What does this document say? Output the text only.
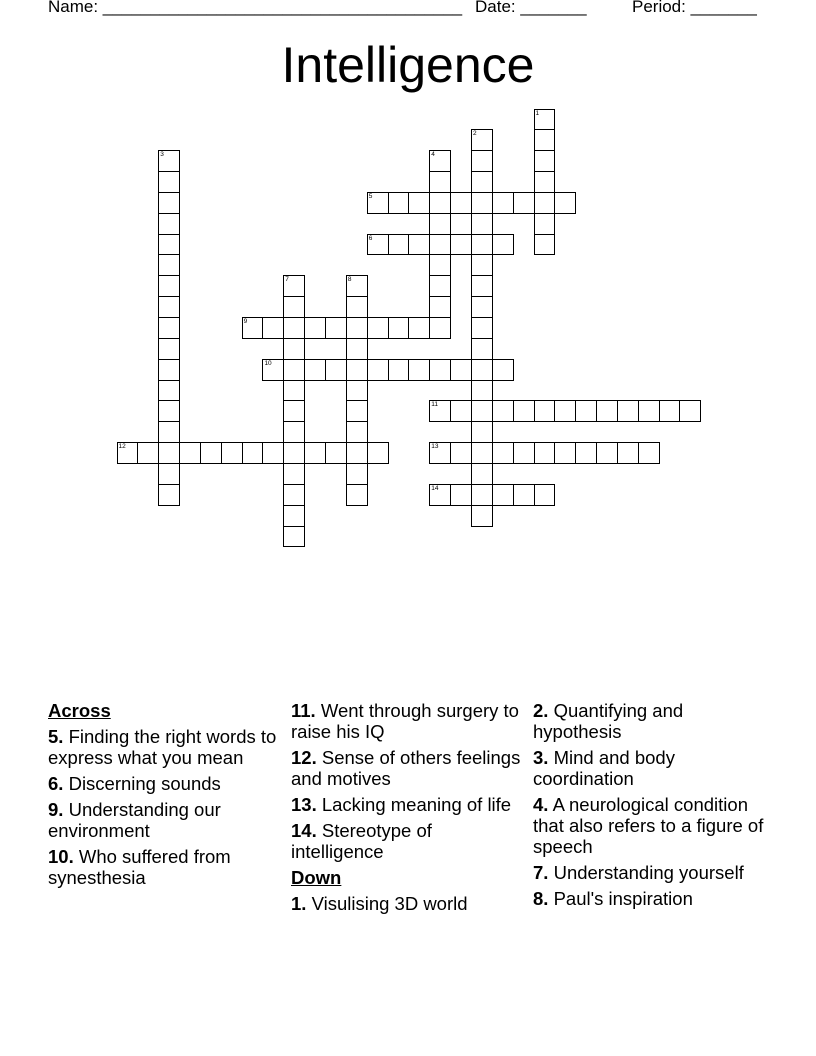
Name: ______________________________________ Date: _______	Period: _______
Intelligence
1
2
3	4
5
6
7	8
9
10
11
12	13
14
Across
5. Finding the right words to express what you mean
6. Discerning sounds
9. Understanding our environment
10. Who suffered from synesthesia
11. Went through surgery to raise his IQ
12. Sense of others feelings and motives
13. Lacking meaning of life
14. Stereotype of intelligence
Down
1. Visulising 3D world
2. Quantifying and hypothesis
3. Mind and body coordination
4. A neurological condition that also refers to a figure of speech
7. Understanding yourself
8. Paul's inspiration
